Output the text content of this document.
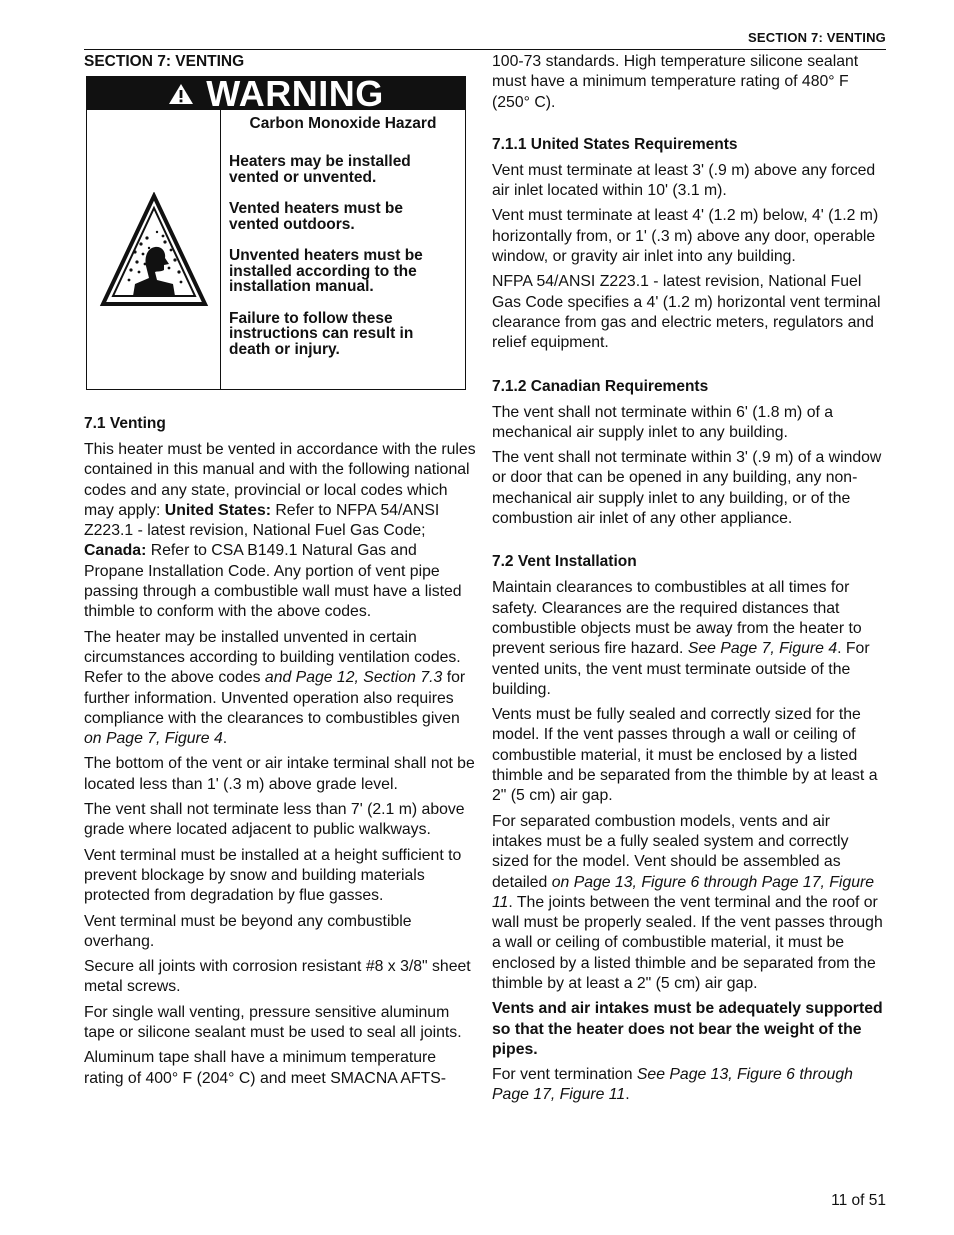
SECTION 7: VENTING
SECTION 7: VENTING
WARNING
Carbon Monoxide Hazard

Heaters may be installed vented or unvented.

Vented heaters must be vented outdoors.

Unvented heaters must be installed according to the installation manual.

Failure to follow these instructions can result in death or injury.

7.1 Venting

This heater must be vented in accordance with the rules contained in this manual and with the following national codes and any state, provincial or local codes which may apply: United States: Refer to NFPA 54/ANSI Z223.1 - latest revision, National Fuel Gas Code; Canada: Refer to CSA B149.1 Natural Gas and Propane Installation Code. Any portion of vent pipe passing through a combustible wall must have a listed thimble to conform with the above codes.

The heater may be installed unvented in certain circumstances according to building ventilation codes. Refer to the above codes and Page 12, Section 7.3 for further information. Unvented operation also requires compliance with the clearances to combustibles given on Page 7, Figure 4.

The bottom of the vent or air intake terminal shall not be located less than 1' (.3 m) above grade level.

The vent shall not terminate less than 7' (2.1 m) above grade where located adjacent to public walkways.

Vent terminal must be installed at a height sufficient to prevent blockage by snow and building materials protected from degradation by flue gasses.

Vent terminal must be beyond any combustible overhang.

Secure all joints with corrosion resistant #8 x 3/8" sheet metal screws.

For single wall venting, pressure sensitive aluminum tape or silicone sealant must be used to seal all joints.

Aluminum tape shall have a minimum temperature rating of 400° F (204° C) and meet SMACNA AFTS-

100-73 standards. High temperature silicone sealant must have a minimum temperature rating of 480° F (250° C).

7.1.1 United States Requirements

Vent must terminate at least 3' (.9 m) above any forced air inlet located within 10' (3.1 m).

Vent must terminate at least 4' (1.2 m) below, 4' (1.2 m) horizontally from, or 1' (.3 m) above any door, operable window, or gravity air inlet into any building.

NFPA 54/ANSI Z223.1 - latest revision, National Fuel Gas Code specifies a 4' (1.2 m) horizontal vent terminal clearance from gas and electric meters, regulators and relief equipment.

7.1.2 Canadian Requirements

The vent shall not terminate within 6' (1.8 m) of a mechanical air supply inlet to any building.

The vent shall not terminate within 3' (.9 m) of a window or door that can be opened in any building, any non-mechanical air supply inlet to any building, or of the combustion air inlet of any other appliance.

7.2 Vent Installation

Maintain clearances to combustibles at all times for safety. Clearances are the required distances that combustible objects must be away from the heater to prevent serious fire hazard. See Page 7, Figure 4. For vented units, the vent must terminate outside of the building.

Vents must be fully sealed and correctly sized for the model. If the vent passes through a wall or ceiling of combustible material, it must be enclosed by a listed thimble and be separated from the thimble by at least a 2" (5 cm) air gap.

For separated combustion models, vents and air intakes must be a fully sealed system and correctly sized for the model. Vent should be assembled as detailed on Page 13, Figure 6 through Page 17, Figure 11. The joints between the vent terminal and the roof or wall must be properly sealed. If the vent passes through a wall or ceiling of combustible material, it must be enclosed by a listed thimble and be separated from the thimble by at least a 2" (5 cm) air gap.

Vents and air intakes must be adequately supported so that the heater does not bear the weight of the pipes.

For vent termination See Page 13, Figure 6 through Page 17, Figure 11.

11 of 51
